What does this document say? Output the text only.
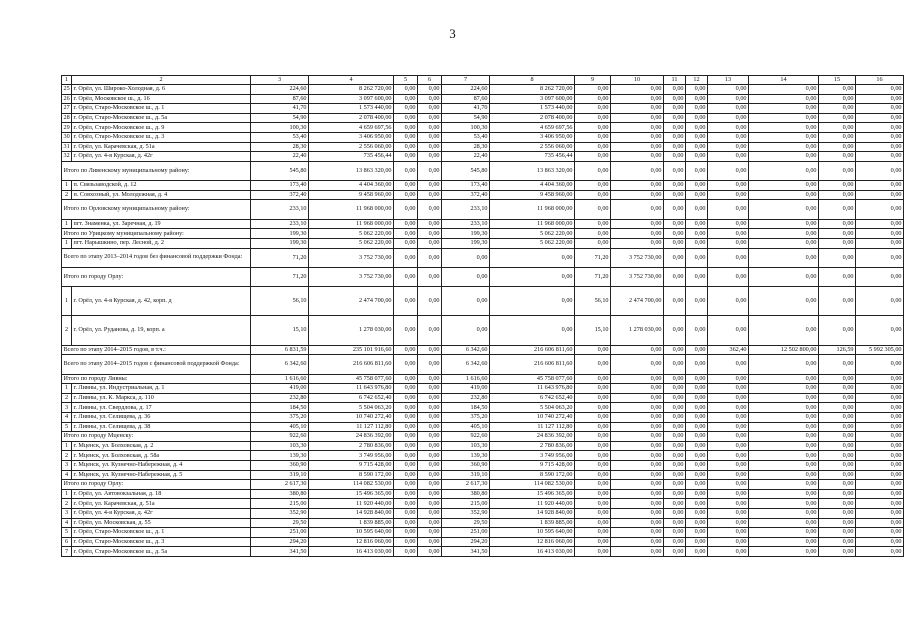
3
1	2	3	4	5	6	7	8	9	10	11	12	13	14	15	16
25	г. Орёл, ул. Широко-Холодная, д. 6	224,60	8 262 720,00	0,00	0,00	224,60	8 262 720,00	0,00	0,00	0,00	0,00	0,00	0,00	0,00	0,00
26	г. Орёл, Московское ш., д. 16	87,60	3 097 600,00	0,00	0,00	87,60	3 097 600,00	0,00	0,00	0,00	0,00	0,00	0,00	0,00	0,00
27	г. Орёл, Старо-Московское ш., д. 1	41,70	1 573 440,00	0,00	0,00	41,70	1 573 440,00	0,00	0,00	0,00	0,00	0,00	0,00	0,00	0,00
28	г. Орёл, Старо-Московское ш., д. 5а	54,90	2 078 400,00	0,00	0,00	54,90	2 078 400,00	0,00	0,00	0,00	0,00	0,00	0,00	0,00	0,00
29	г. Орёл, Старо-Московское ш., д. 9	100,30	4 659 697,56	0,00	0,00	100,30	4 659 697,56	0,00	0,00	0,00	0,00	0,00	0,00	0,00	0,00
30	г. Орёл, Старо-Московское ш., д. 3	53,40	3 406 950,00	0,00	0,00	53,40	3 406 950,00	0,00	0,00	0,00	0,00	0,00	0,00	0,00	0,00
31	г. Орёл, ул. Карачевская, д. 51а	28,30	2 556 060,00	0,00	0,00	28,30	2 556 060,00	0,00	0,00	0,00	0,00	0,00	0,00	0,00	0,00
32	г. Орёл, ул. 4-я Курская, д. 42г	22,40	735 456,44	0,00	0,00	22,40	735 456,44	0,00	0,00	0,00	0,00	0,00	0,00	0,00	0,00
Итого по Ливенскому муниципальному району:		545,80	13 863 320,00	0,00	0,00	545,80	13 863 320,00	0,00	0,00	0,00	0,00	0,00	0,00	0,00	0,00
1	п. Связьзаводской, д. 12	173,40	4 404 360,00	0,00	0,00	173,40	4 404 360,00	0,00	0,00	0,00	0,00	0,00	0,00	0,00	0,00
2	п. Совхозный, ул. Молодежная, д. 4	372,40	9 458 960,00	0,00	0,00	372,40	9 458 960,00	0,00	0,00	0,00	0,00	0,00	0,00	0,00	0,00
Итого по Орловскому муниципальному району:		233,10	11 968 000,00	0,00	0,00	233,10	11 968 000,00	0,00	0,00	0,00	0,00	0,00	0,00	0,00	0,00
1	пгт. Знаменка, ул. Заречная, д. 19	233,10	11 968 000,00	0,00	0,00	233,10	11 968 000,00	0,00	0,00	0,00	0,00	0,00	0,00	0,00	0,00
Итого по Урицкому муниципальному району:		199,30	5 062 220,00	0,00	0,00	199,30	5 062 220,00	0,00	0,00	0,00	0,00	0,00	0,00	0,00	0,00
1	пгт. Нарышкино, пер. Лесной, д. 2	199,30	5 062 220,00	0,00	0,00	199,30	5 062 220,00	0,00	0,00	0,00	0,00	0,00	0,00	0,00	0,00
Всего по этапу 2013–2014 годов без финансовой поддержки Фонда:		71,20	3 752 730,00	0,00	0,00	0,00	0,00	71,20	3 752 730,00	0,00	0,00	0,00	0,00	0,00	0,00
Итого по городу Орлу:		71,20	3 752 730,00	0,00	0,00	0,00	0,00	71,20	3 752 730,00	0,00	0,00	0,00	0,00	0,00	0,00
1	г. Орёл, ул. 4-я Курская, д. 42, корп. д	56,10	2 474 700,00	0,00	0,00	0,00	0,00	56,10	2 474 700,00	0,00	0,00	0,00	0,00	0,00	0,00
2	г. Орёл, ул. Руданова, д. 19, корп. а	15,10	1 278 030,00	0,00	0,00	0,00	0,00	15,10	1 278 030,00	0,00	0,00	0,00	0,00	0,00	0,00
Всего по этапу 2014–2015 годов, в т.ч.:		6 831,59	235 101 916,60	0,00	0,00	6 342,60	216 606 811,60	0,00	0,00	0,00	0,00	362,40	12 502 800,00	126,59	5 992 305,00
Всего по этапу 2014–2015 годов с финансовой поддержкой Фонда:		6 342,60	216 606 811,60	0,00	0,00	6 342,60	216 606 811,60	0,00	0,00	0,00	0,00	0,00	0,00	0,00	0,00
Итого по городу Ливны:		1 616,60	45 758 077,60	0,00	0,00	1 616,60	45 758 077,60	0,00	0,00	0,00	0,00	0,00	0,00	0,00	0,00
1	г. Ливны, ул. Индустриальная, д. 1	419,00	11 643 976,80	0,00	0,00	419,00	11 643 976,80	0,00	0,00	0,00	0,00	0,00	0,00	0,00	0,00
2	г. Ливны, ул. К. Маркса, д. 110	232,80	6 742 652,40	0,00	0,00	232,80	6 742 652,40	0,00	0,00	0,00	0,00	0,00	0,00	0,00	0,00
3	г. Ливны, ул. Свердлова, д. 17	184,50	5 504 063,20	0,00	0,00	184,50	5 504 063,20	0,00	0,00	0,00	0,00	0,00	0,00	0,00	0,00
4	г. Ливны, ул. Селищева, д. 36	375,20	10 740 272,40	0,00	0,00	375,20	10 740 272,40	0,00	0,00	0,00	0,00	0,00	0,00	0,00	0,00
5	г. Ливны, ул. Селищева, д. 38	405,10	11 127 112,80	0,00	0,00	405,10	11 127 112,80	0,00	0,00	0,00	0,00	0,00	0,00	0,00	0,00
Итого по городу Мценску:		922,60	24 836 392,00	0,00	0,00	922,60	24 836 392,00	0,00	0,00	0,00	0,00	0,00	0,00	0,00	0,00
1	г. Мценск, ул. Болховская, д. 2	103,30	2 780 836,00	0,00	0,00	103,30	2 780 836,00	0,00	0,00	0,00	0,00	0,00	0,00	0,00	0,00
2	г. Мценск, ул. Болховская, д. 58а	139,30	3 749 956,00	0,00	0,00	139,30	3 749 956,00	0,00	0,00	0,00	0,00	0,00	0,00	0,00	0,00
3	г. Мценск, ул. Кузнечно-Набережная, д. 4	360,90	9 715 428,00	0,00	0,00	360,90	9 715 428,00	0,00	0,00	0,00	0,00	0,00	0,00	0,00	0,00
4	г. Мценск, ул. Кузнечно-Набережная, д. 5	319,10	8 590 172,00	0,00	0,00	319,10	8 590 172,00	0,00	0,00	0,00	0,00	0,00	0,00	0,00	0,00
Итого по городу Орлу:		2 617,30	114 082 530,00	0,00	0,00	2 617,30	114 082 530,00	0,00	0,00	0,00	0,00	0,00	0,00	0,00	0,00
1	г. Орёл, ул. Автовокзальная, д. 18	380,80	15 496 365,00	0,00	0,00	380,80	15 496 365,00	0,00	0,00	0,00	0,00	0,00	0,00	0,00	0,00
2	г. Орёл, ул. Карачевская, д. 51а	215,00	11 920 440,00	0,00	0,00	215,00	11 920 440,00	0,00	0,00	0,00	0,00	0,00	0,00	0,00	0,00
3	г. Орёл, ул. 4-я Курская, д. 42г	352,90	14 928 840,00	0,00	0,00	352,90	14 928 840,00	0,00	0,00	0,00	0,00	0,00	0,00	0,00	0,00
4	г. Орёл, ул. Московская, д. 55	29,50	1 839 885,00	0,00	0,00	29,50	1 839 885,00	0,00	0,00	0,00	0,00	0,00	0,00	0,00	0,00
5	г. Орёл, Старо-Московское ш., д. 1	251,00	10 595 640,00	0,00	0,00	251,00	10 595 640,00	0,00	0,00	0,00	0,00	0,00	0,00	0,00	0,00
6	г. Орёл, Старо-Московское ш., д. 3	294,20	12 816 060,00	0,00	0,00	294,20	12 816 060,00	0,00	0,00	0,00	0,00	0,00	0,00	0,00	0,00
7	г. Орёл, Старо-Московское ш., д. 5а	341,50	16 413 030,00	0,00	0,00	341,50	16 413 030,00	0,00	0,00	0,00	0,00	0,00	0,00	0,00	0,00
